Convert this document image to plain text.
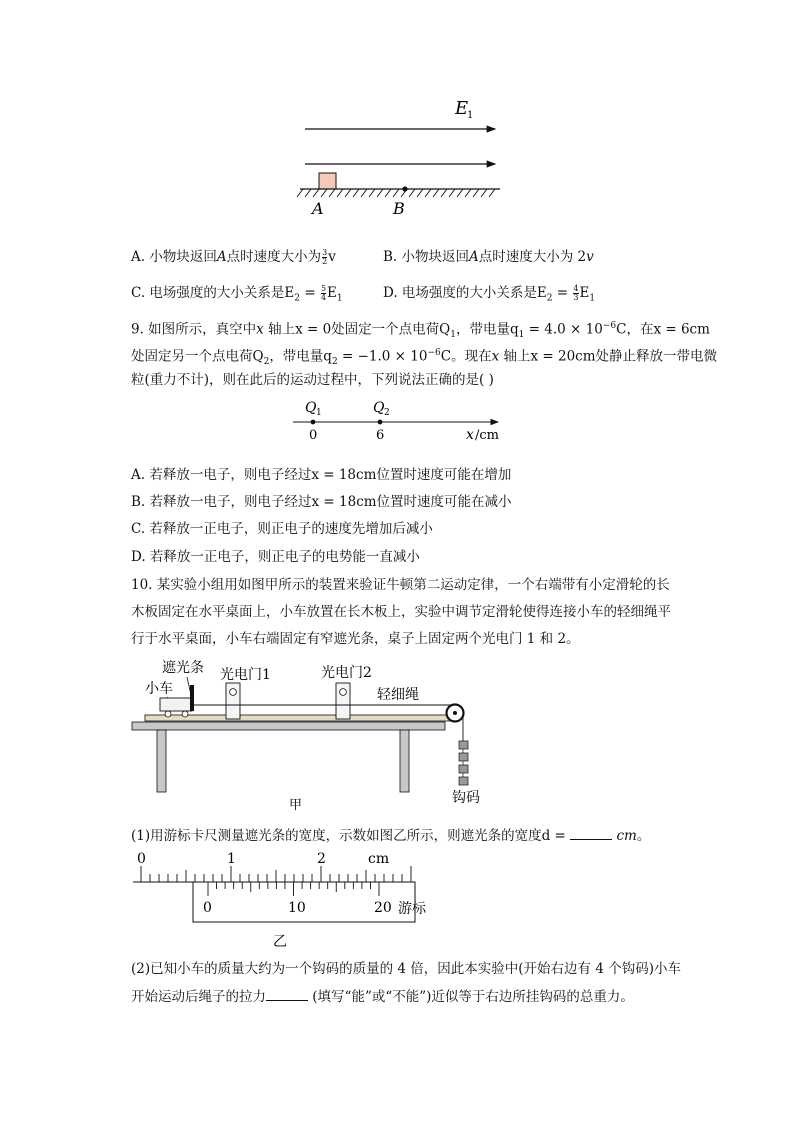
E
1
A	B
A. 小物块返回A点时速度大小为 $\frac{3}{2}$ v	B. 小物块返回A点时速度大小为 2v
C. 电场强度的大小关系是$E_2 = \frac{5}{4} E_1$	D. 电场强度的大小关系是$E_2 = \frac{4}{3} E_1$
9. 如图所示，真空中x 轴上x = 0处固定一个点电荷$Q_1$，带电量$q_1 = 4.0 \times 10^{-6}C$，在x = 6cm
处固定另一个点电荷$Q_2$，带电量$q_2 = -1.0 \times 10^{-6}C$。现在x 轴上x = 20cm处静止释放一带电微
粒(重力不计)，则在此后的运动过程中，下列说法正确的是( )
Q 1	Q 2
0	6	x /cm
A. 若释放一电子，则电子经过x = 18cm位置时速度可能在增加
B. 若释放一电子，则电子经过x = 18cm位置时速度可能在减小
C. 若释放一正电子，则正电子的速度先增加后减小
D. 若释放一正电子，则正电子的电势能一直减小
10. 某实验小组用如图甲所示的装置来验证牛顿第二运动定律，一个右端带有小定滑轮的长
木板固定在水平桌面上，小车放置在长木板上，实验中调节定滑轮使得连接小车的轻细绳平
行于水平桌面，小车右端固定有窄遮光条，桌子上固定两个光电门 1 和 2。
遮光条
小车
光电门1	光电门2
轻细绳
钩码
甲
(1)用游标卡尺测量遮光条的宽度，示数如图乙所示，则遮光条的宽度d =	cm。
0	1	2	cm
0	10	20 游标
乙
(2)已知小车的质量大约为一个钩码的质量的 4 倍，因此本实验中(开始右边有 4 个钩码)小车
开始运动后绳子的拉力	(填写“能”或“不能”)近似等于右边所挂钩码的总重力。
